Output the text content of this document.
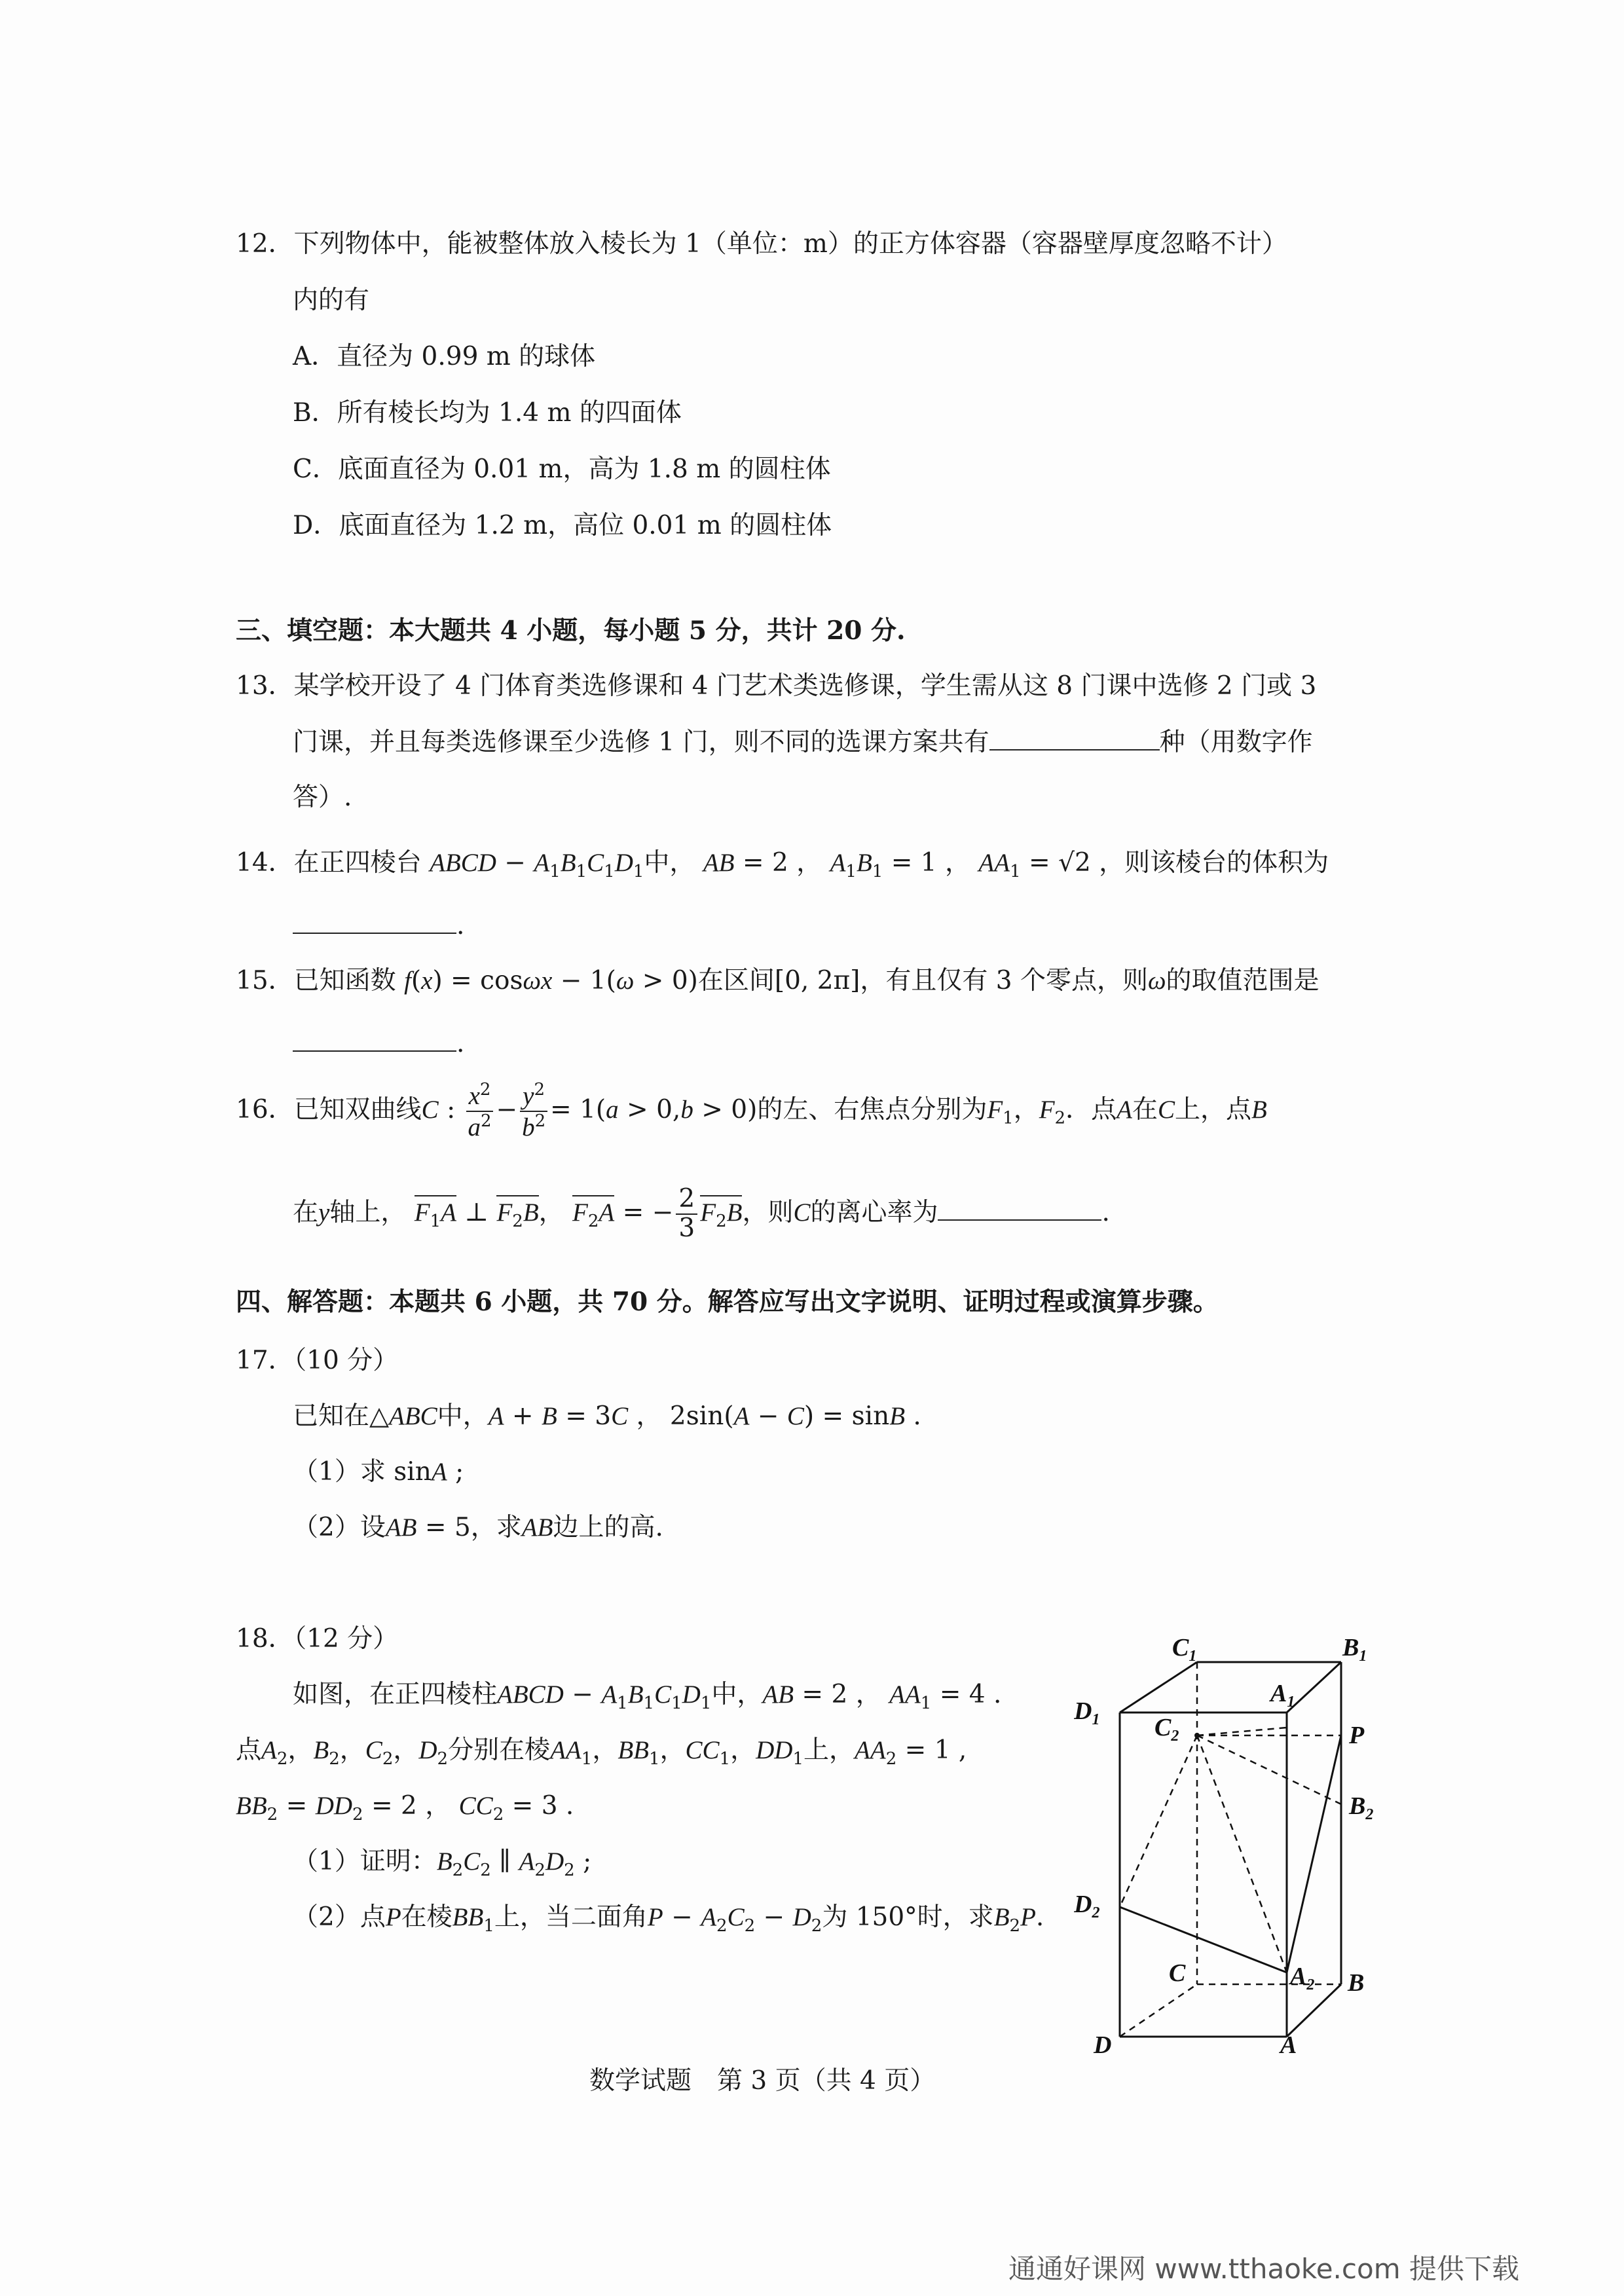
12．下列物体中，能被整体放入棱长为 1（单位：m）的正方体容器（容器壁厚度忽略不计）
内的有
A．直径为 0.99 m 的球体
B．所有棱长均为 1.4 m 的四面体
C．底面直径为 0.01 m，高为 1.8 m 的圆柱体
D．底面直径为 1.2 m，高位 0.01 m 的圆柱体
三、填空题：本大题共 4 小题，每小题 5 分，共计 20 分.
13．某学校开设了 4 门体育类选修课和 4 门艺术类选修课，学生需从这 8 门课中选修 2 门或 3
门课，并且每类选修课至少选修 1 门，则不同的选课方案共有	种（用数字作
答）.
14．在正四棱台 ABCD − $A_1B_1C_1D_1$中， AB = 2 ， $A_1B_1 = 1$ ， $AA_1 = √2$ ，则该棱台的体积为
.
15．已知函数 f(x) = cosωx − 1(ω > 0)在区间[0, 2π]，有且仅有 3 个零点，则ω的取值范围是
.
16．已知双曲线C : $\frac{x^2}{a^2} - \frac{y^2}{b^2} = 1(a > 0,b > 0)$的左、右焦点分别为$F_1$，$F_2$．点A在C上，点B
在y轴上， $F_1A$ ⊥ $F_2B$， $F_2A$ = − $\frac{2}{3} F_2B$，则C的离心率为	.
四、解答题：本题共 6 小题，共 70 分。解答应写出文字说明、证明过程或演算步骤。
17．（10 分）
已知在△ABC中，A + B = 3C ， 2sin(A − C) = sinB .
（1）求 sinA ;
（2）设AB = 5，求AB边上的高.
18．（12 分）
如图，在正四棱柱ABCD − $A_1B_1C_1D_1$中，AB = 2 ， $AA_1 = 4$ .
点$A_2$，$B_2$，$C_2$，$D_2$分别在棱$AA_1$，$BB_1$，$CC_1$，$DD_1$上，$AA_2 = 1$ ,
$BB_2 = DD_2 = 2$ ， $CC_2 = 3$ .
（1）证明：$B_2C_2$ ∥ $A_2D_2$ ;
（2）点P在棱$BB_1$上，当二面角$P - A_2C_2 - D_2$为 150°时，求$B_2P$.
$C_1$	$B_1$
$D_1$
$A_1$
$C_2$	P
$B_2$
$D_2$
$A_2$
C	B
D	A
数学试题　第 3 页（共 4 页）
通通好课网 www.tthaoke.com 提供下载
